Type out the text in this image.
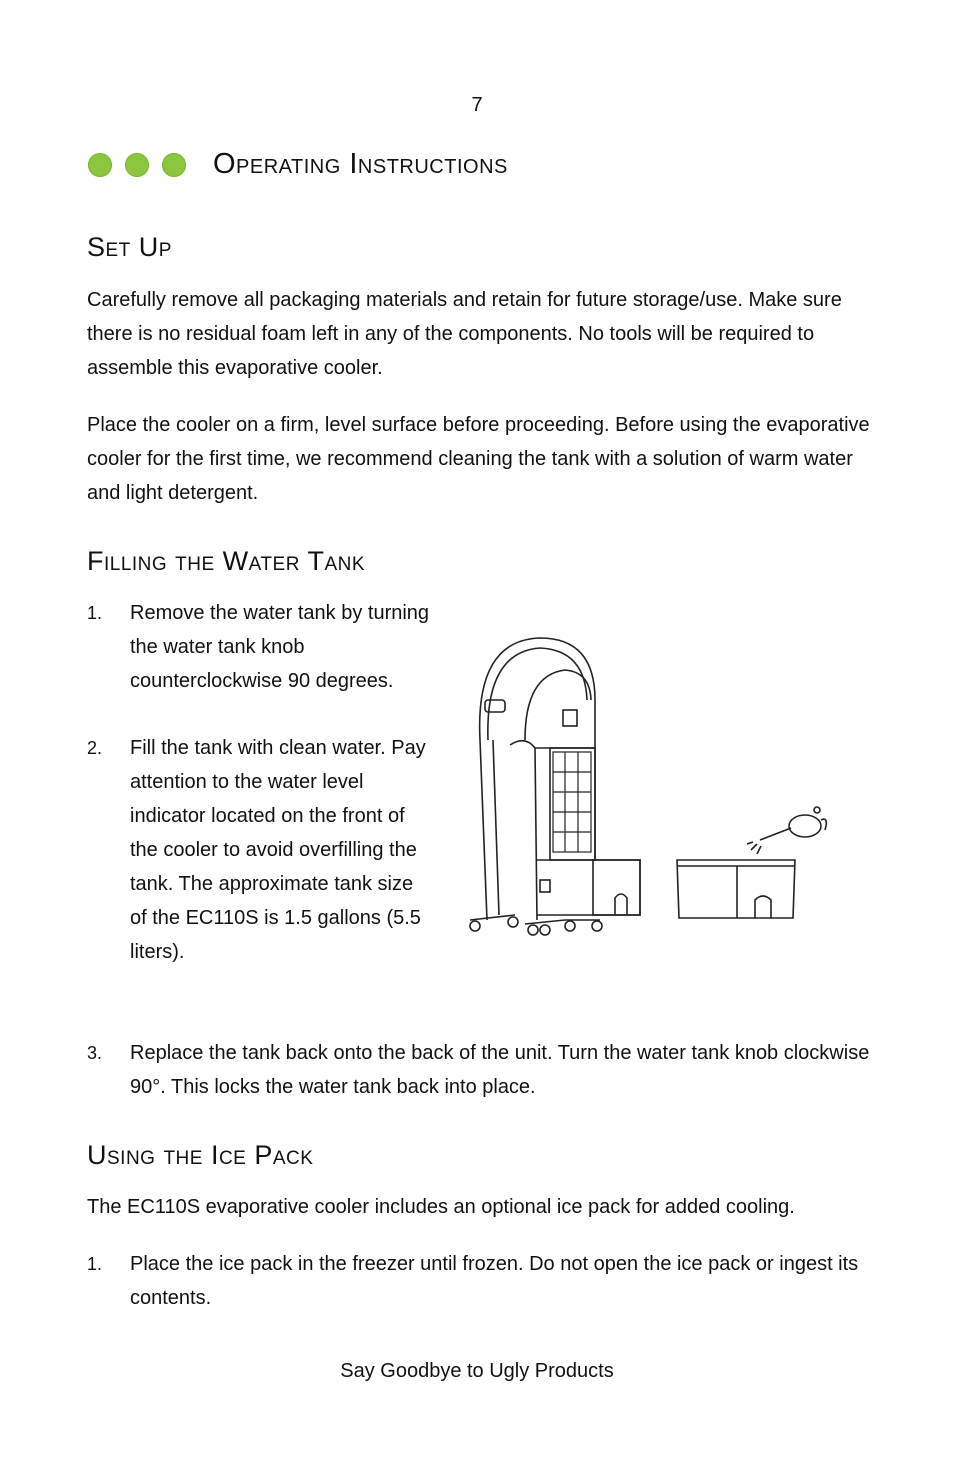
7
Operating Instructions
Set Up

Carefully remove all packaging materials and retain for future storage/use. Make sure there is no residual foam left in any of the components. No tools will be required to assemble this evaporative cooler.

Place the cooler on a firm, level surface before proceeding. Before using the evaporative cooler for the first time, we recommend cleaning the tank with a solution of warm water and light detergent.

Filling the Water Tank
1. Remove the water tank by turning the water tank knob counterclockwise 90 degrees.

2. Fill the tank with clean water. Pay attention to the water level indicator located on the front of the cooler to avoid overfilling the tank. The approximate tank size of the EC110S is 1.5 gallons (5.5 liters).

3. Replace the tank back onto the back of the unit. Turn the water tank knob clockwise 90°. This locks the water tank back into place.

Using the Ice Pack

The EC110S evaporative cooler includes an optional ice pack for added cooling.

1. Place the ice pack in the freezer until frozen. Do not open the ice pack or ingest its contents.

Say Goodbye to Ugly Products
